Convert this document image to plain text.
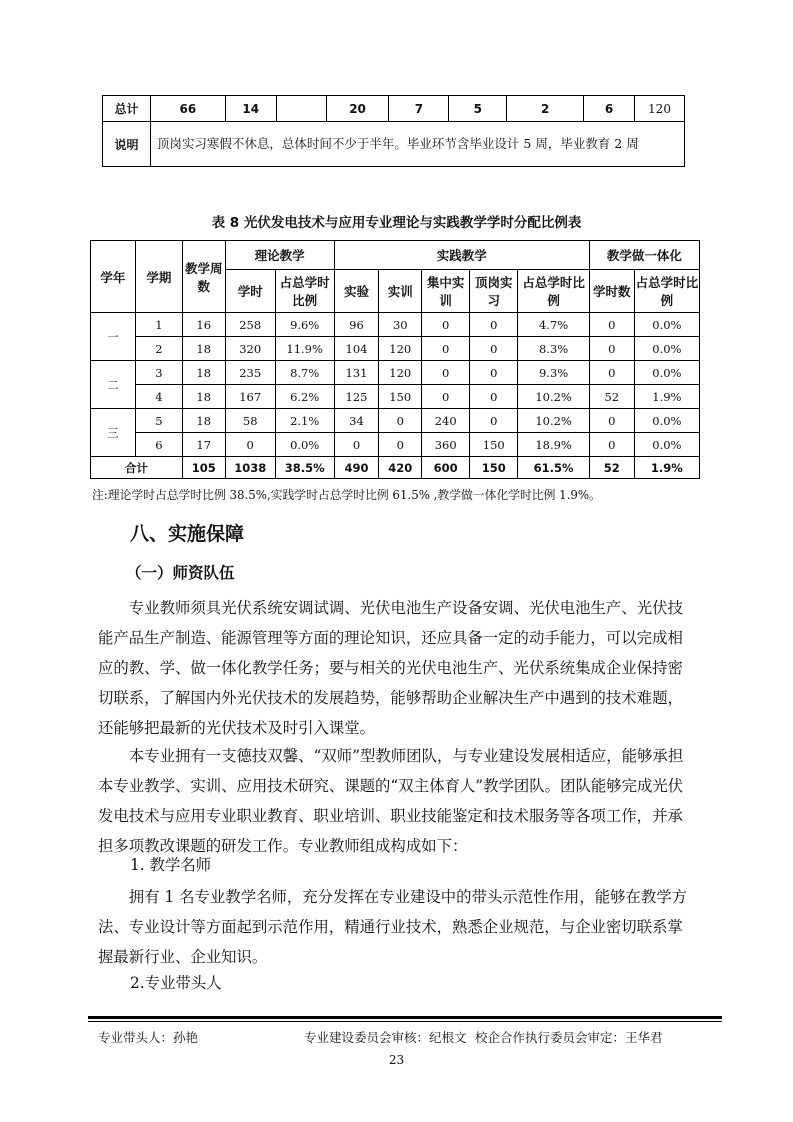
总计	66	14		20	7	5	2	6	120
说明	顶岗实习寒假不休息，总体时间不少于半年。毕业环节含毕业设计 5 周，毕业教育 2 周								
表 8 光伏发电技术与应用专业理论与实践教学学时分配比例表
学年	学期	教学周数	理论教学		实践教学					教学做一体化	
			学时	占总学时比例	实验	实训	集中实训	顶岗实习	占总学时比例	学时数	占总学时比例
一	1	16	258	9.6%	96	30	0	0	4.7%	0	0.0%
	2	18	320	11.9%	104	120	0	0	8.3%	0	0.0%
二	3	18	235	8.7%	131	120	0	0	9.3%	0	0.0%
	4	18	167	6.2%	125	150	0	0	10.2%	52	1.9%
三	5	18	58	2.1%	34	0	240	0	10.2%	0	0.0%
	6	17	0	0.0%	0	0	360	150	18.9%	0	0.0%
合计		105	1038	38.5%	490	420	600	150	61.5%	52	1.9%
注:理论学时占总学时比例 38.5%,实践学时占总学时比例 61.5% ,教学做一体化学时比例 1.9%。
八、实施保障
（一）师资队伍

专业教师须具光伏系统安调试调、光伏电池生产设备安调、光伏电池生产、光伏技能产品生产制造、能源管理等方面的理论知识，还应具备一定的动手能力，可以完成相应的教、学、做一体化教学任务；要与相关的光伏电池生产、光伏系统集成企业保持密切联系，了解国内外光伏技术的发展趋势，能够帮助企业解决生产中遇到的技术难题，还能够把最新的光伏技术及时引入课堂。

本专业拥有一支德技双馨、“双师”型教师团队，与专业建设发展相适应，能够承担本专业教学、实训、应用技术研究、课题的“双主体育人”教学团队。团队能够完成光伏发电技术与应用专业职业教育、职业培训、职业技能鉴定和技术服务等各项工作，并承担多项教改课题的研发工作。专业教师组成构成如下：

1. 教学名师

拥有 1 名专业教学名师，充分发挥在专业建设中的带头示范性作用，能够在教学方法、专业设计等方面起到示范作用，精通行业技术，熟悉企业规范，与企业密切联系掌握最新行业、企业知识。

2.专业带头人
专业带头人：孙艳	专业建设委员会审核：纪根文 校企合作执行委员会审定：王华君
23
